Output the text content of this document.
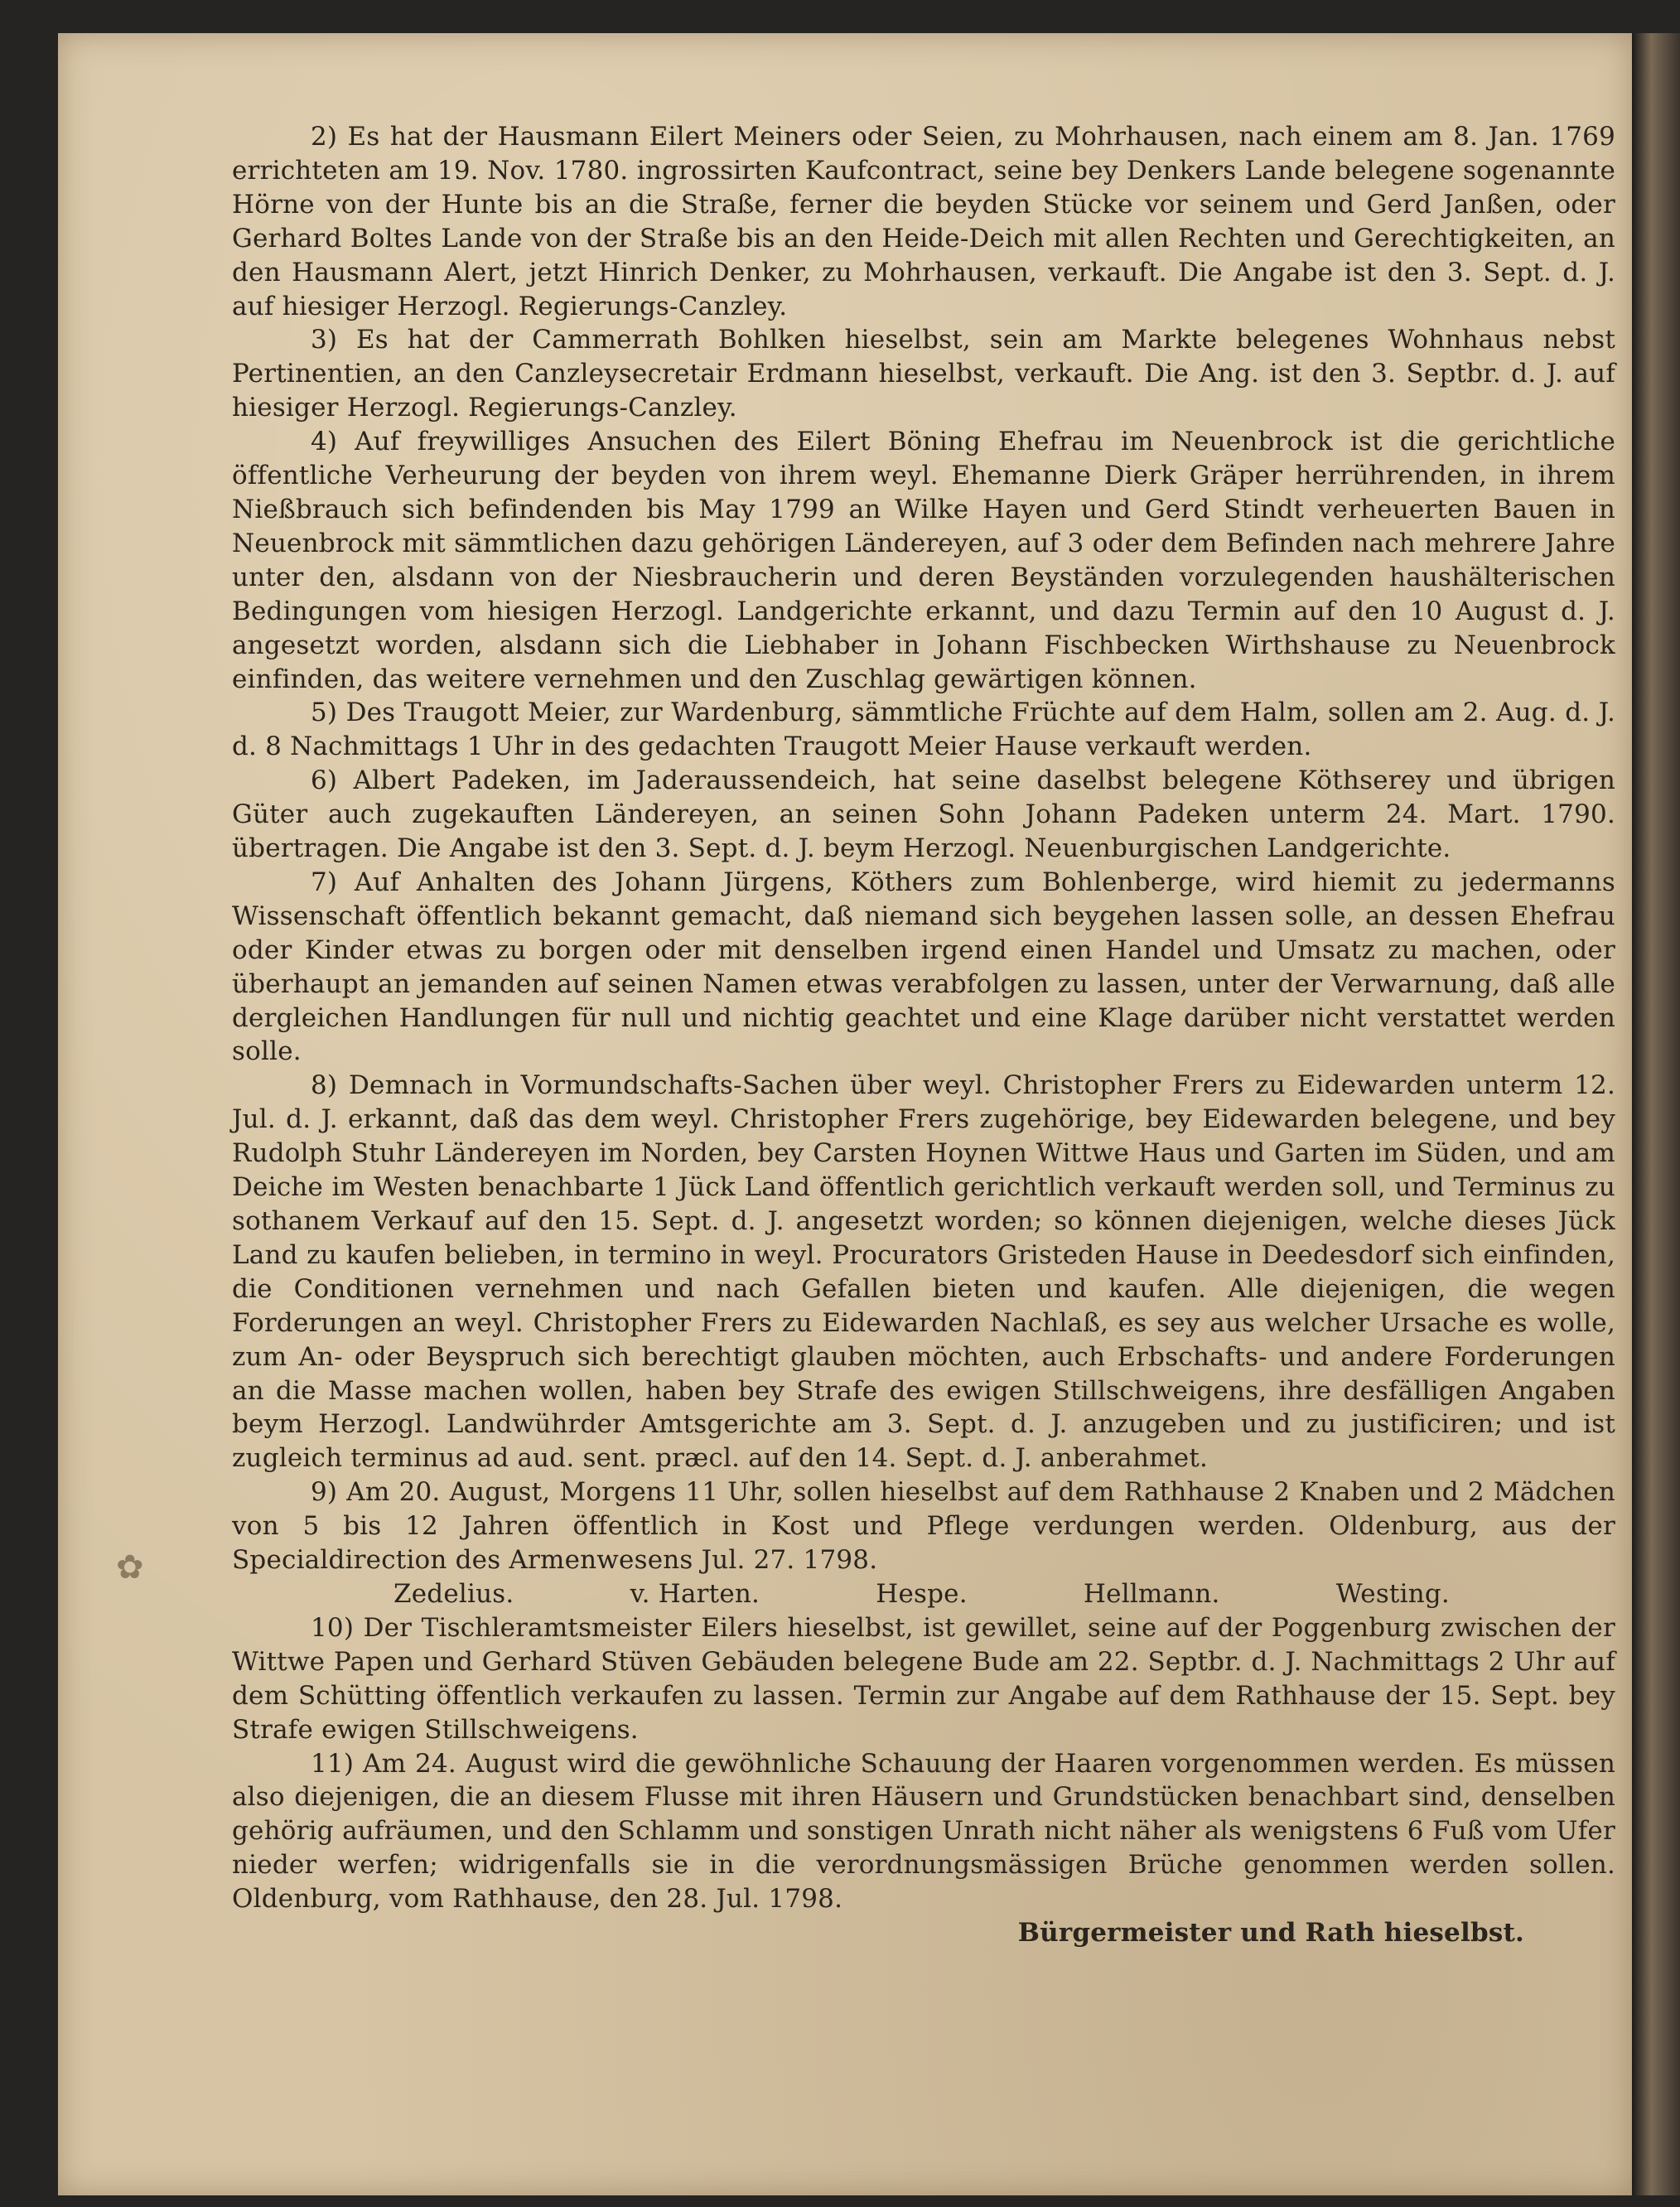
✿

2) Es hat der Hausmann Eilert Meiners oder Seien, zu Mohrhausen, nach einem am 8. Jan. 1769 errichteten am 19. Nov. 1780. ingrossirten Kaufcontract, seine bey Denkers Lande belegene sogenannte Hörne von der Hunte bis an die Straße, ferner die beyden Stücke vor seinem und Gerd Janßen, oder Gerhard Boltes Lande von der Straße bis an den Heide-Deich mit allen Rechten und Gerechtigkeiten, an den Hausmann Alert, jetzt Hinrich Denker, zu Mohrhausen, verkauft. Die Angabe ist den 3. Sept. d. J. auf hiesiger Herzogl. Regierungs-Canzley.

3) Es hat der Cammerrath Bohlken hieselbst, sein am Markte belegenes Wohnhaus nebst Pertinentien, an den Canzleysecretair Erdmann hieselbst, verkauft. Die Ang. ist den 3. Septbr. d. J. auf hiesiger Herzogl. Regierungs-Canzley.

4) Auf freywilliges Ansuchen des Eilert Böning Ehefrau im Neuenbrock ist die gerichtliche öffentliche Verheurung der beyden von ihrem weyl. Ehemanne Dierk Gräper herrührenden, in ihrem Nießbrauch sich befindenden bis May 1799 an Wilke Hayen und Gerd Stindt verheuerten Bauen in Neuenbrock mit sämmtlichen dazu gehörigen Ländereyen, auf 3 oder dem Befinden nach mehrere Jahre unter den, alsdann von der Niesbraucherin und deren Beyständen vorzulegenden haushälterischen Bedingungen vom hiesigen Herzogl. Landgerichte erkannt, und dazu Termin auf den 10 August d. J. angesetzt worden, alsdann sich die Liebhaber in Johann Fischbecken Wirthshause zu Neuenbrock einfinden, das weitere vernehmen und den Zuschlag gewärtigen können.

5) Des Traugott Meier, zur Wardenburg, sämmtliche Früchte auf dem Halm, sollen am 2. Aug. d. J. d. 8 Nachmittags 1 Uhr in des gedachten Traugott Meier Hause verkauft werden.

6) Albert Padeken, im Jaderaussendeich, hat seine daselbst belegene Köthserey und übrigen Güter auch zugekauften Ländereyen, an seinen Sohn Johann Padeken unterm 24. Mart. 1790. übertragen. Die Angabe ist den 3. Sept. d. J. beym Herzogl. Neuenburgischen Landgerichte.

7) Auf Anhalten des Johann Jürgens, Köthers zum Bohlenberge, wird hiemit zu jedermanns Wissenschaft öffentlich bekannt gemacht, daß niemand sich beygehen lassen solle, an dessen Ehefrau oder Kinder etwas zu borgen oder mit denselben irgend einen Handel und Umsatz zu machen, oder überhaupt an jemanden auf seinen Namen etwas verabfolgen zu lassen, unter der Verwarnung, daß alle dergleichen Handlungen für null und nichtig geachtet und eine Klage darüber nicht verstattet werden solle.

8) Demnach in Vormundschafts-Sachen über weyl. Christopher Frers zu Eidewarden unterm 12. Jul. d. J. erkannt, daß das dem weyl. Christopher Frers zugehörige, bey Eidewarden belegene, und bey Rudolph Stuhr Ländereyen im Norden, bey Carsten Hoynen Wittwe Haus und Garten im Süden, und am Deiche im Westen benachbarte 1 Jück Land öffentlich gerichtlich verkauft werden soll, und Terminus zu sothanem Verkauf auf den 15. Sept. d. J. angesetzt worden; so können diejenigen, welche dieses Jück Land zu kaufen belieben, in termino in weyl. Procurators Gristeden Hause in Deedesdorf sich einfinden, die Conditionen vernehmen und nach Gefallen bieten und kaufen. Alle diejenigen, die wegen Forderungen an weyl. Christopher Frers zu Eidewarden Nachlaß, es sey aus welcher Ursache es wolle, zum An- oder Beyspruch sich berechtigt glauben möchten, auch Erbschafts- und andere Forderungen an die Masse machen wollen, haben bey Strafe des ewigen Stillschweigens, ihre desfälligen Angaben beym Herzogl. Landwührder Amtsgerichte am 3. Sept. d. J. anzugeben und zu justificiren; und ist zugleich terminus ad aud. sent. præcl. auf den 14. Sept. d. J. anberahmet.

9) Am 20. August, Morgens 11 Uhr, sollen hieselbst auf dem Rathhause 2 Knaben und 2 Mädchen von 5 bis 12 Jahren öffentlich in Kost und Pflege verdungen werden. Oldenburg, aus der Specialdirection des Armenwesens Jul. 27. 1798.

Zedelius.	v. Harten.	Hespe.	Hellmann.	Westing.

10) Der Tischleramtsmeister Eilers hieselbst, ist gewillet, seine auf der Poggenburg zwischen der Wittwe Papen und Gerhard Stüven Gebäuden belegene Bude am 22. Septbr. d. J. Nachmittags 2 Uhr auf dem Schütting öffentlich verkaufen zu lassen. Termin zur Angabe auf dem Rathhause der 15. Sept. bey Strafe ewigen Stillschweigens.

11) Am 24. August wird die gewöhnliche Schauung der Haaren vorgenommen werden. Es müssen also diejenigen, die an diesem Flusse mit ihren Häusern und Grundstücken benachbart sind, denselben gehörig aufräumen, und den Schlamm und sonstigen Unrath nicht näher als wenigstens 6 Fuß vom Ufer nieder werfen; widrigenfalls sie in die verordnungsmässigen Brüche genommen werden sollen. Oldenburg, vom Rathhause, den 28. Jul. 1798.

Bürgermeister und Rath hieselbst.
